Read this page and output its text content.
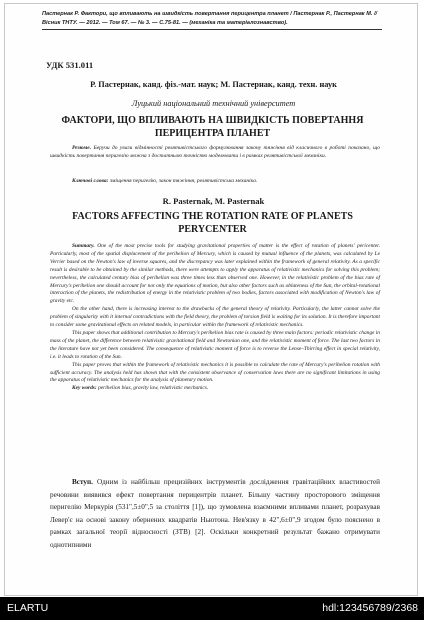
Пастернак Р. Фактори, що впливають на швидкість повертання перицентра планет / Пастернак Р., Пастернак М. // Вісник ТНТУ. — 2012. — Том 67. — № 3. — С.75-81. — (механіка та матеріалознавство).

УДК 531.011

Р. Пастернак, канд. фіз.-мат. наук; М. Пастернак, канд. техн. наук

Луцький національний технічний університет

ФАКТОРИ, ЩО ВПЛИВАЮТЬ НА ШВИДКІСТЬ ПОВЕРТАННЯ ПЕРИЦЕНТРА ПЛАНЕТ

Резюме. Беручи до уваги відмінності релятивістського формулювання закону тяжіння від класичного в роботі показано, що швидкість повертання перигелію можна з достатньою точністю моделювати і в рамках релятивістської механіки.

Ключові слова: зміщення перигелію, закон тяжіння, релятивістська механіка.

R. Pasternak, M. Pasternak

FACTORS AFFECTING THE ROTATION RATE OF PLANETS PERYCENTER

Summary. One of the most precise tools for studying gravitational properties of matter is the effect of rotation of planets' pericenter. Particularly, most of the spatial displacement of the perihelion of Mercury, which is caused by mutual influence of the planets, was calculated by Le Verrier based on the Newton's law of inverse squares, and the discrepancy was later explained within the framework of general relativity. As a specific result is desirable to be obtained by the similar methods, there were attempts to apply the apparatus of relativistic mechanics for solving this problem; nevertheless, the calculated century bias of perihelion was three times less than observed one. However, in the relativistic problem of the bias rate of Mercury's perihelion one should account for not only the equations of motion, but also other factors such as oblateness of the Sun, the orbital-rotational interaction of the planets, the redistribution of energy in the relativistic problem of two bodies, factors associated with modification of Newton's law of gravity etc.

On the other hand, there is increasing interest to the drawbacks of the general theory of relativity. Particularly, the latter cannot solve the problem of singularity with it internal contradictions with the field theory, the problem of torsion field is waiting for its solution. It is therefore important to consider some gravitational effects on related models, in particular within the framework of relativistic mechanics.

This paper shows that additional contribution to Mercury's perihelion bias rate is caused by three main factors: periodic relativistic change in mass of the planet, the difference between relativistic gravitational field and Newtonian one, and the relativistic moment of force. The last two factors in the literature have not yet been considered. The consequence of relativistic moment of force is to reverse the Lense–Thirring effect in special relativity, i.e. it leads to rotation of the Sun.

This paper proves that within the framework of relativistic mechanics it is possible to calculate the rate of Mercury's perihelion rotation with sufficient accuracy. The analysis held has shown that with the consistent observance of conservation laws there are no significant limitations in using the apparatus of relativistic mechanics for the analysis of planetary motion.

Key words: perihelion bias, gravity law, relativistic mechanics.

Вступ. Одним із найбільш прецизійних інструментів дослідження гравітаційних властивостей речовини виявився ефект повертання перицентрів планет. Більшу частину просторового зміщення перигелію Меркурія (531",5±0",5 за століття [1]), що зумовлена взаємними впливами планет, розрахував Левер'є на основі закону обернених квадратів Ньютона. Нев'язку в 42",6±0",9 згодом було пояснено в рамках загальної теорії відносності (ЗТВ) [2]. Оскільки конкретний результат бажано отримувати однотипними

ELARTU	hdl:123456789/2368
